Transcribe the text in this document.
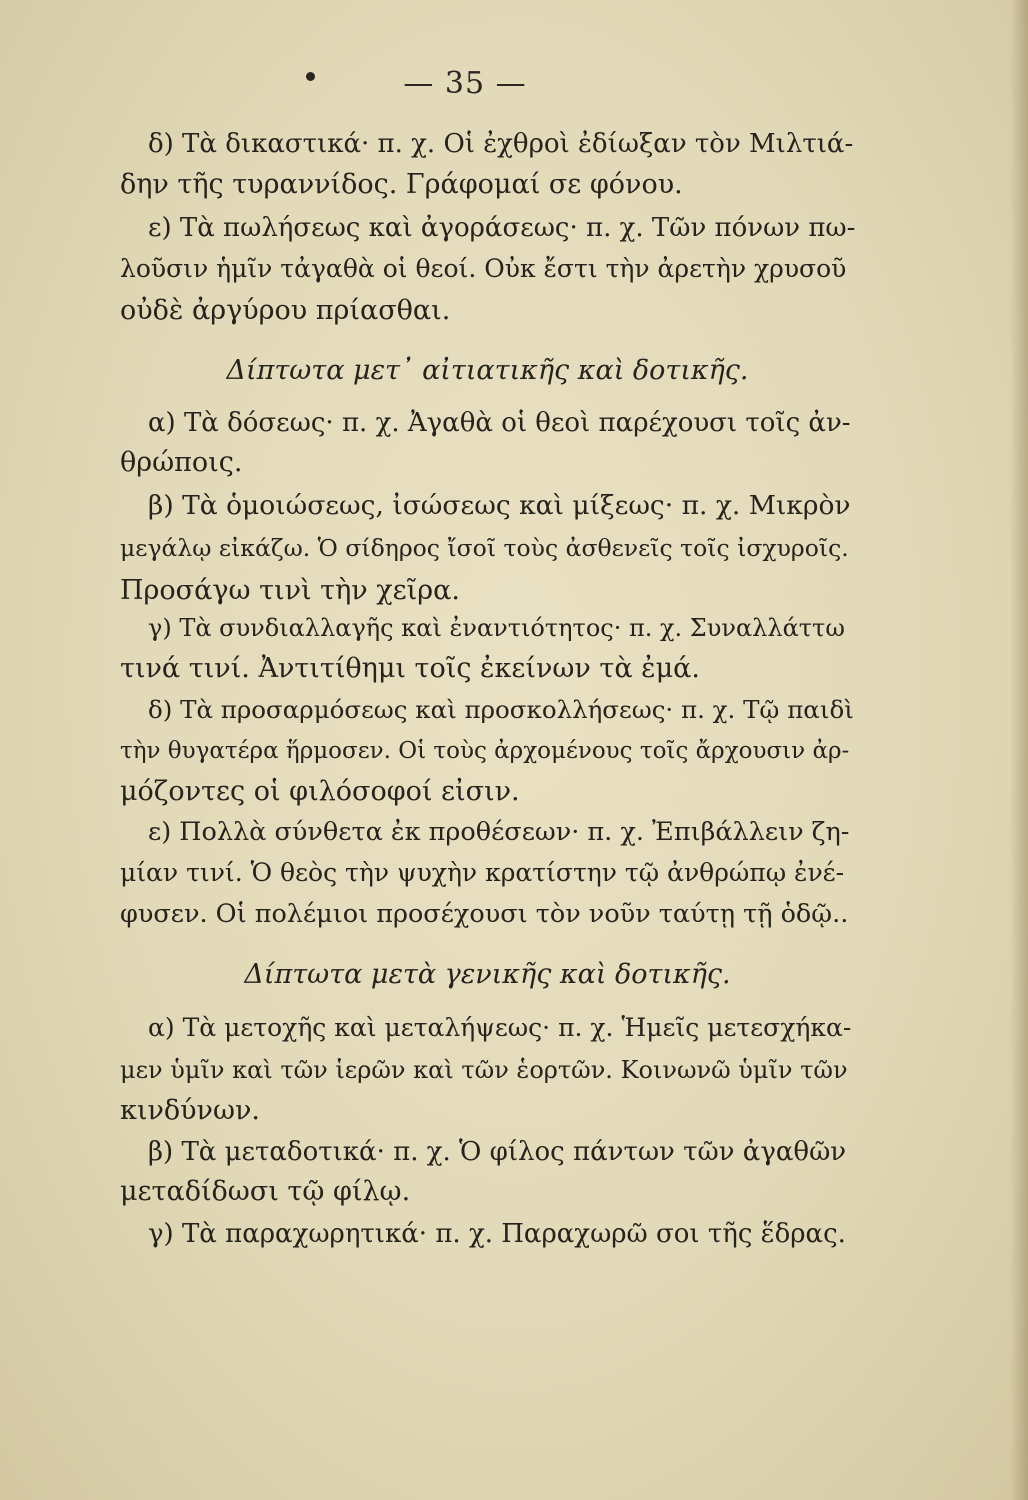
— 35 —
δ) Τὰ δικαστικά· π. χ. Οἱ ἐχθροὶ ἐδίωξαν τὸν Μιλτιά-
δην τῆς τυραννίδος. Γράφομαί σε φόνου.
ε) Τὰ πωλήσεως καὶ ἀγοράσεως· π. χ. Τῶν πόνων πω-
λοῦσιν ἡμῖν τἀγαθὰ οἱ θεοί. Οὐκ ἔστι τὴν ἀρετὴν χρυσοῦ
οὐδὲ ἀργύρου πρίασθαι.
Δίπτωτα μετ᾽ αἰτιατικῆς καὶ δοτικῆς.
α) Τὰ δόσεως· π. χ. Ἀγαθὰ οἱ θεοὶ παρέχουσι τοῖς ἀν-
θρώποις.
β) Τὰ ὁμοιώσεως, ἰσώσεως καὶ μίξεως· π. χ. Μικρὸν
μεγάλῳ εἰκάζω. Ὁ σίδηρος ἴσοῖ τοὺς ἀσθενεῖς τοῖς ἰσχυροῖς.
Προσάγω τινὶ τὴν χεῖρα.
γ) Τὰ συνδιαλλαγῆς καὶ ἐναντιότητος· π. χ. Συναλλάττω
τινά τινί. Ἀντιτίθημι τοῖς ἐκείνων τὰ ἐμά.
δ) Τὰ προσαρμόσεως καὶ προσκολλήσεως· π. χ. Τῷ παιδὶ
τὴν θυγατέρα ἥρμοσεν. Οἱ τοὺς ἀρχομένους τοῖς ἄρχουσιν ἀρ-
μόζοντες οἱ φιλόσοφοί εἰσιν.
ε) Πολλὰ σύνθετα ἐκ προθέσεων· π. χ. Ἐπιβάλλειν ζη-
μίαν τινί. Ὁ θεὸς τὴν ψυχὴν κρατίστην τῷ ἀνθρώπῳ ἐνέ-
φυσεν. Οἱ πολέμιοι προσέχουσι τὸν νοῦν ταύτῃ τῇ ὁδῷ..
Δίπτωτα μετὰ γενικῆς καὶ δοτικῆς.
α) Τὰ μετοχῆς καὶ μεταλήψεως· π. χ. Ἡμεῖς μετεσχήκα-
μεν ὑμῖν καὶ τῶν ἱερῶν καὶ τῶν ἑορτῶν. Κοινωνῶ ὑμῖν τῶν
κινδύνων.
β) Τὰ μεταδοτικά· π. χ. Ὁ φίλος πάντων τῶν ἀγαθῶν
μεταδίδωσι τῷ φίλῳ.
γ) Τὰ παραχωρητικά· π. χ. Παραχωρῶ σοι τῆς ἕδρας.
